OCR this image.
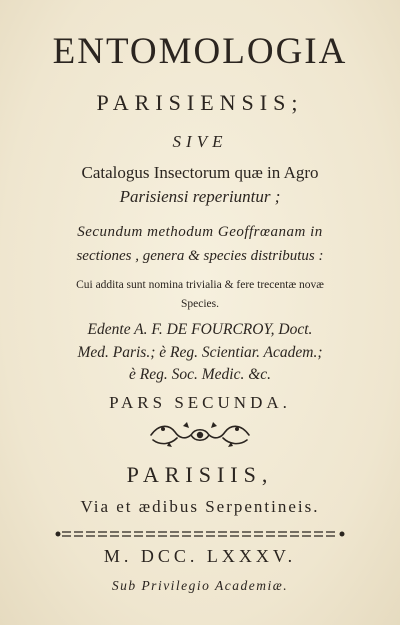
ENTOMOLOGIA
PARISIENSIS;
SIVE
Catalogus Insectorum quæ in Agro
Parisiensi reperiuntur ;
Secundum methodum Geoffrœanam in
sectiones , genera & species distributus :
Cui addita sunt nomina trivialia & fere trecentæ novæ
Species.
Edente A. F. DE FOURCROY, Doct.
Med. Paris.; è Reg. Scientiar. Academ.;
è Reg. Soc. Medic. &c.
PARS SECUNDA.
PARISIIS,
Via et ædibus Serpentineis.
M. DCC. LXXXV.
Sub Privilegio Academiæ.
